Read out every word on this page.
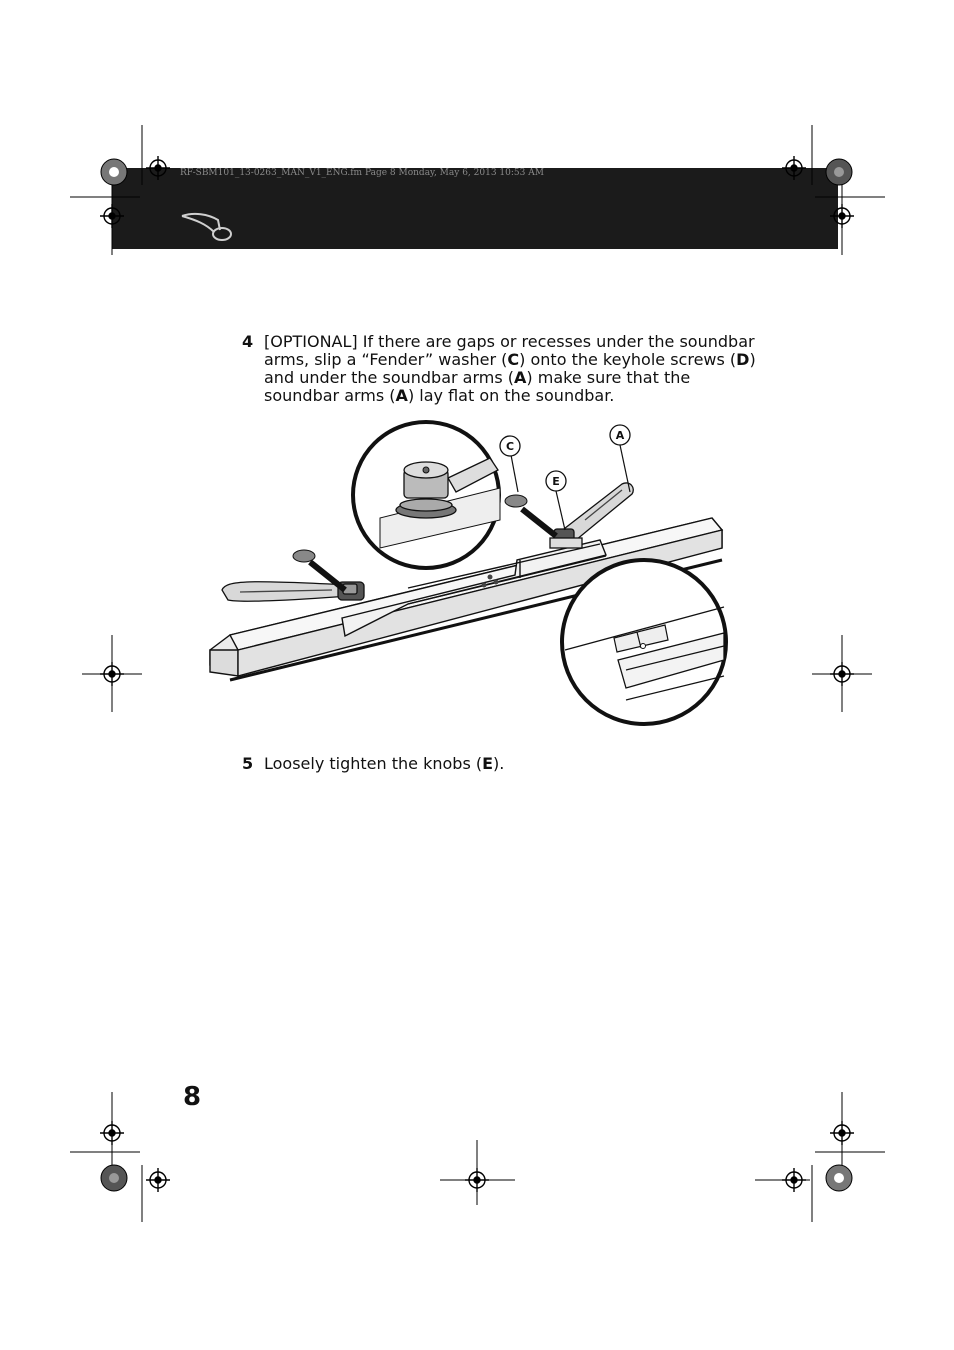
RF-SBM101_13-0263_MAN_V1_ENG.fm Page 8 Monday, May 6, 2013 10:53 AM
4 [OPTIONAL] If there are gaps or recesses under the soundbar
arms, slip a “Fender” washer (C) onto the keyhole screws (D)
and under the soundbar arms (A) make sure that the
soundbar arms (A) lay flat on the soundbar.
C
E
A
5 Loosely tighten the knobs (E).
8
